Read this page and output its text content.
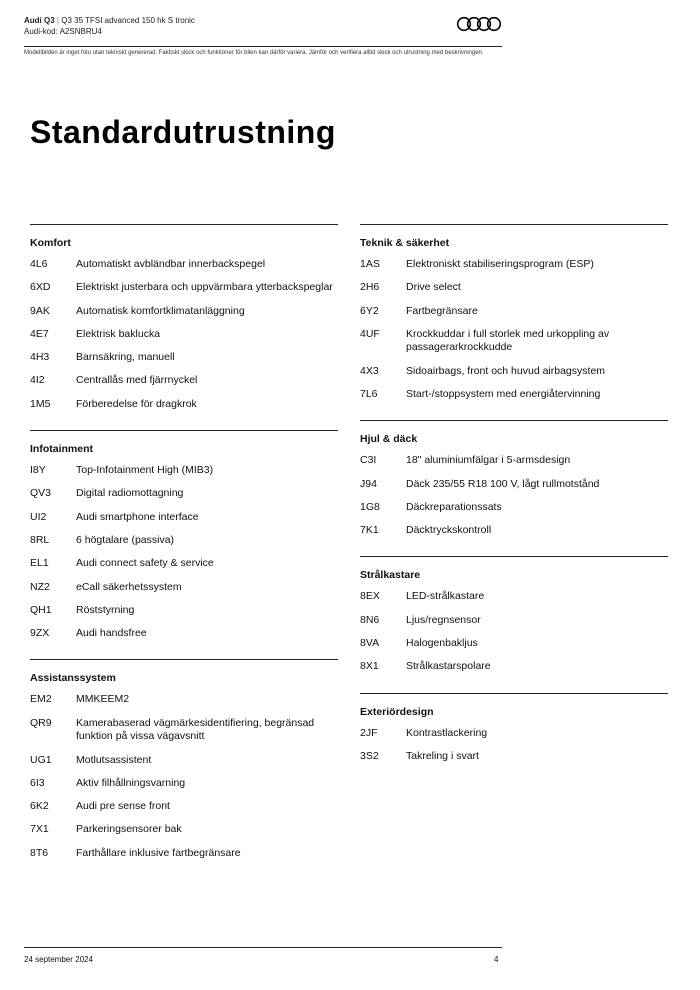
Audi Q3 | Q3 35 TFSI advanced 150 hk S tronic
Audi-kod: A2SNBRU4
Modellbilden är inget foto utan tekniskt genererad. Faktiskt skick och funktioner för bilen kan därför variera. Jämför och verifiera alltid skick och utrustning med beskrivningen.
Standardutrustning
Komfort
4L6	Automatiskt avbländbar innerbackspegel
6XD	Elektriskt justerbara och uppvärmbara ytterbackspeglar
9AK	Automatisk komfortklimatanläggning
4E7	Elektrisk baklucka
4H3	Barnsäkring, manuell
4I2	Centrallås med fjärrnyckel
1M5	Förberedelse för dragkrok
Infotainment
I8Y	Top-Infotainment High (MIB3)
QV3	Digital radiomottagning
UI2	Audi smartphone interface
8RL	6 högtalare (passiva)
EL1	Audi connect safety & service
NZ2	eCall säkerhetssystem
QH1	Röststyrning
9ZX	Audi handsfree
Assistanssystem
EM2	MMKEEM2
QR9	Kamerabaserad vägmärkesidentifiering, begränsad funktion på vissa vägavsnitt
UG1	Motlutsassistent
6I3	Aktiv filhållningsvarning
6K2	Audi pre sense front
7X1	Parkeringsensorer bak
8T6	Farthållare inklusive fartbegränsare
Teknik & säkerhet
1AS	Elektroniskt stabiliseringsprogram (ESP)
2H6	Drive select
6Y2	Fartbegränsare
4UF	Krockkuddar i full storlek med urkoppling av passagerarkrockkudde
4X3	Sidoairbags, front och huvud airbagsystem
7L6	Start-/stoppsystem med energiåtervinning
Hjul & däck
C3I	18" aluminiumfälgar i 5-armsdesign
J94	Däck 235/55 R18 100 V, lågt rullmotstånd
1G8	Däckreparationssats
7K1	Däcktryckskontroll
Strålkastare
8EX	LED-strålkastare
8N6	Ljus/regnsensor
8VA	Halogenbakljus
8X1	Strålkastarspolare
Exteriördesign
2JF	Kontrastlackering
3S2	Takreling i svart
24 september 2024	4
